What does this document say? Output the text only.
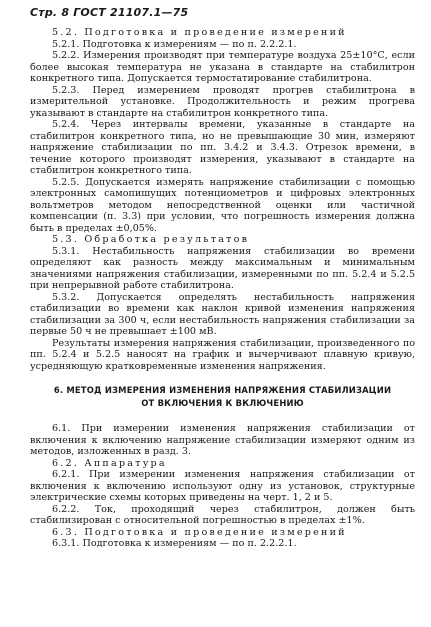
Стр. 8 ГОСТ 21107.1—75

5.2. Подготовка и проведение измерений

5.2.1. Подготовка к измерениям — по п. 2.2.2.1.

5.2.2. Измерения производят при температуре воздуха 25±10°С, если более высокая температура не указана в стандарте на стабилитрон конкретного типа. Допускается термостатирование стабилитрона.

5.2.3. Перед измерением проводят прогрев стабилитрона в измерительной установке. Продолжительность и режим прогрева указывают в стандарте на стабилитрон конкретного типа.

5.2.4. Через интервалы времени, указанные в стандарте на стабилитрон конкретного типа, но не превышающие 30 мин, измеряют напряжение стабилизации по пп. 3.4.2 и 3.4.3. Отрезок времени, в течение которого производят измерения, указывают в стандарте на стабилитрон конкретного типа.

5.2.5. Допускается измерять напряжение стабилизации с помощью электронных самопишущих потенциометров и цифровых электронных вольтметров методом непосредственной оценки или частичной компенсации (п. 3.3) при условии, что погрешность измерения должна быть в пределах ±0,05%.

5.3. Обработка результатов

5.3.1. Нестабильность напряжения стабилизации во времени определяют как разность между максимальным и минимальным значениями напряжения стабилизации, измеренными по пп. 5.2.4 и 5.2.5 при непрерывной работе стабилитрона.

5.3.2. Допускается определять нестабильность напряжения стабилизации во времени как наклон кривой изменения напряжения стабилизации за 300 ч, если нестабильность напряжения стабилизации за первые 50 ч не превышает ±100 мВ.

Результаты измерения напряжения стабилизации, произведенного по пп. 5.2.4 и 5.2.5 наносят на график и вычерчивают плавную кривую, усредняющую кратковременные изменения напряжения.

6. МЕТОД ИЗМЕРЕНИЯ ИЗМЕНЕНИЯ НАПРЯЖЕНИЯ СТАБИЛИЗАЦИИ
ОТ ВКЛЮЧЕНИЯ К ВКЛЮЧЕНИЮ

6.1. При измерении изменения напряжения стабилизации от включения к включению напряжение стабилизации измеряют одним из методов, изложенных в разд. 3.

6.2. Аппаратура

6.2.1. При измерении изменения напряжения стабилизации от включения к включению используют одну из установок, структурные электрические схемы которых приведены на черт. 1, 2 и 5.

6.2.2. Ток, проходящий через стабилитрон, должен быть стабилизирован с относительной погрешностью в пределах ±1%.

6.3. Подготовка и проведение измерений

6.3.1. Подготовка к измерениям — по п. 2.2.2.1.
